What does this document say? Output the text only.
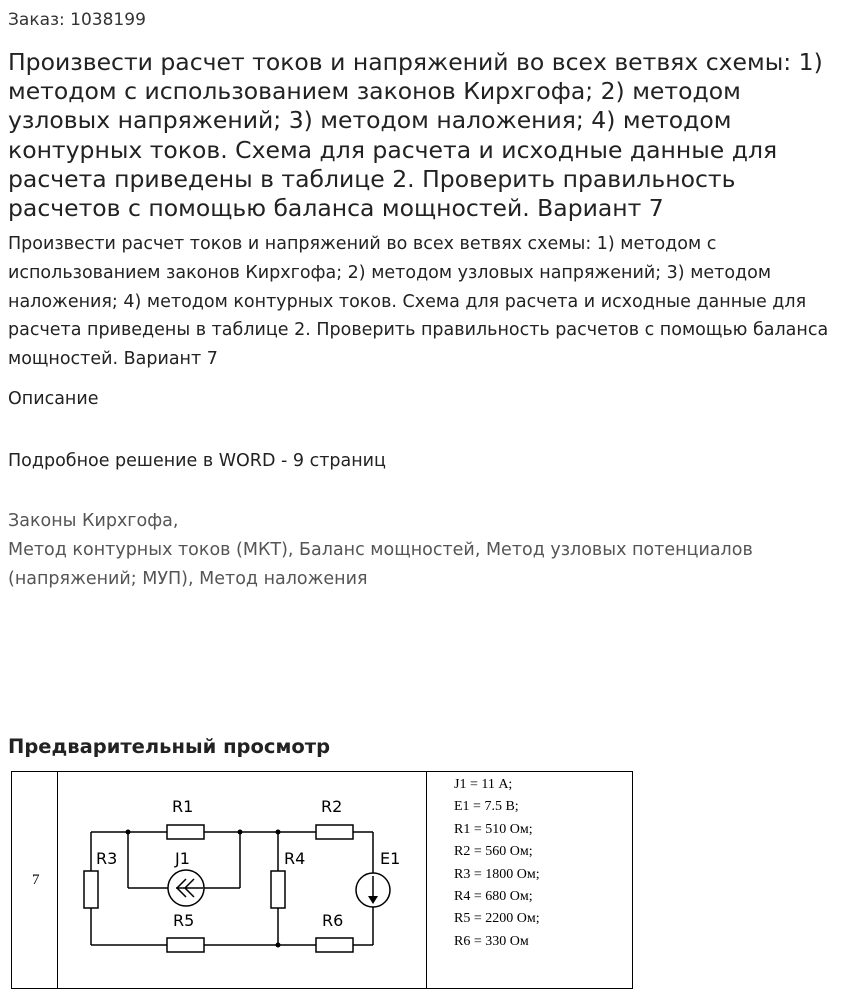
Заказ: 1038199
Произвести расчет токов и напряжений во всех ветвях схемы: 1) методом с использованием законов Кирхгофа; 2) методом узловых напряжений; 3) методом наложения; 4) методом контурных токов. Схема для расчета и исходные данные для расчета приведены в таблице 2. Проверить правильность расчетов с помощью баланса мощностей. Вариант 7

Произвести расчет токов и напряжений во всех ветвях схемы: 1) методом с использованием законов Кирхгофа; 2) методом узловых напряжений; 3) методом наложения; 4) методом контурных токов. Схема для расчета и исходные данные для расчета приведены в таблице 2. Проверить правильность расчетов с помощью баланса мощностей. Вариант 7

Описание
Подробное решение в WORD - 9 страниц
Законы Кирхгофа,
Метод контурных токов (МКТ), Баланс мощностей, Метод узловых потенциалов (напряжений; МУП), Метод наложения
Предварительный просмотр
7
R1	R2
R3	R4
R5	R6
J1	E1
J1 = 11 А;
E1 = 7.5 В;
R1 = 510 Ом;
R2 = 560 Ом;
R3 = 1800 Ом;
R4 = 680 Ом;
R5 = 2200 Ом;
R6 = 330 Ом
